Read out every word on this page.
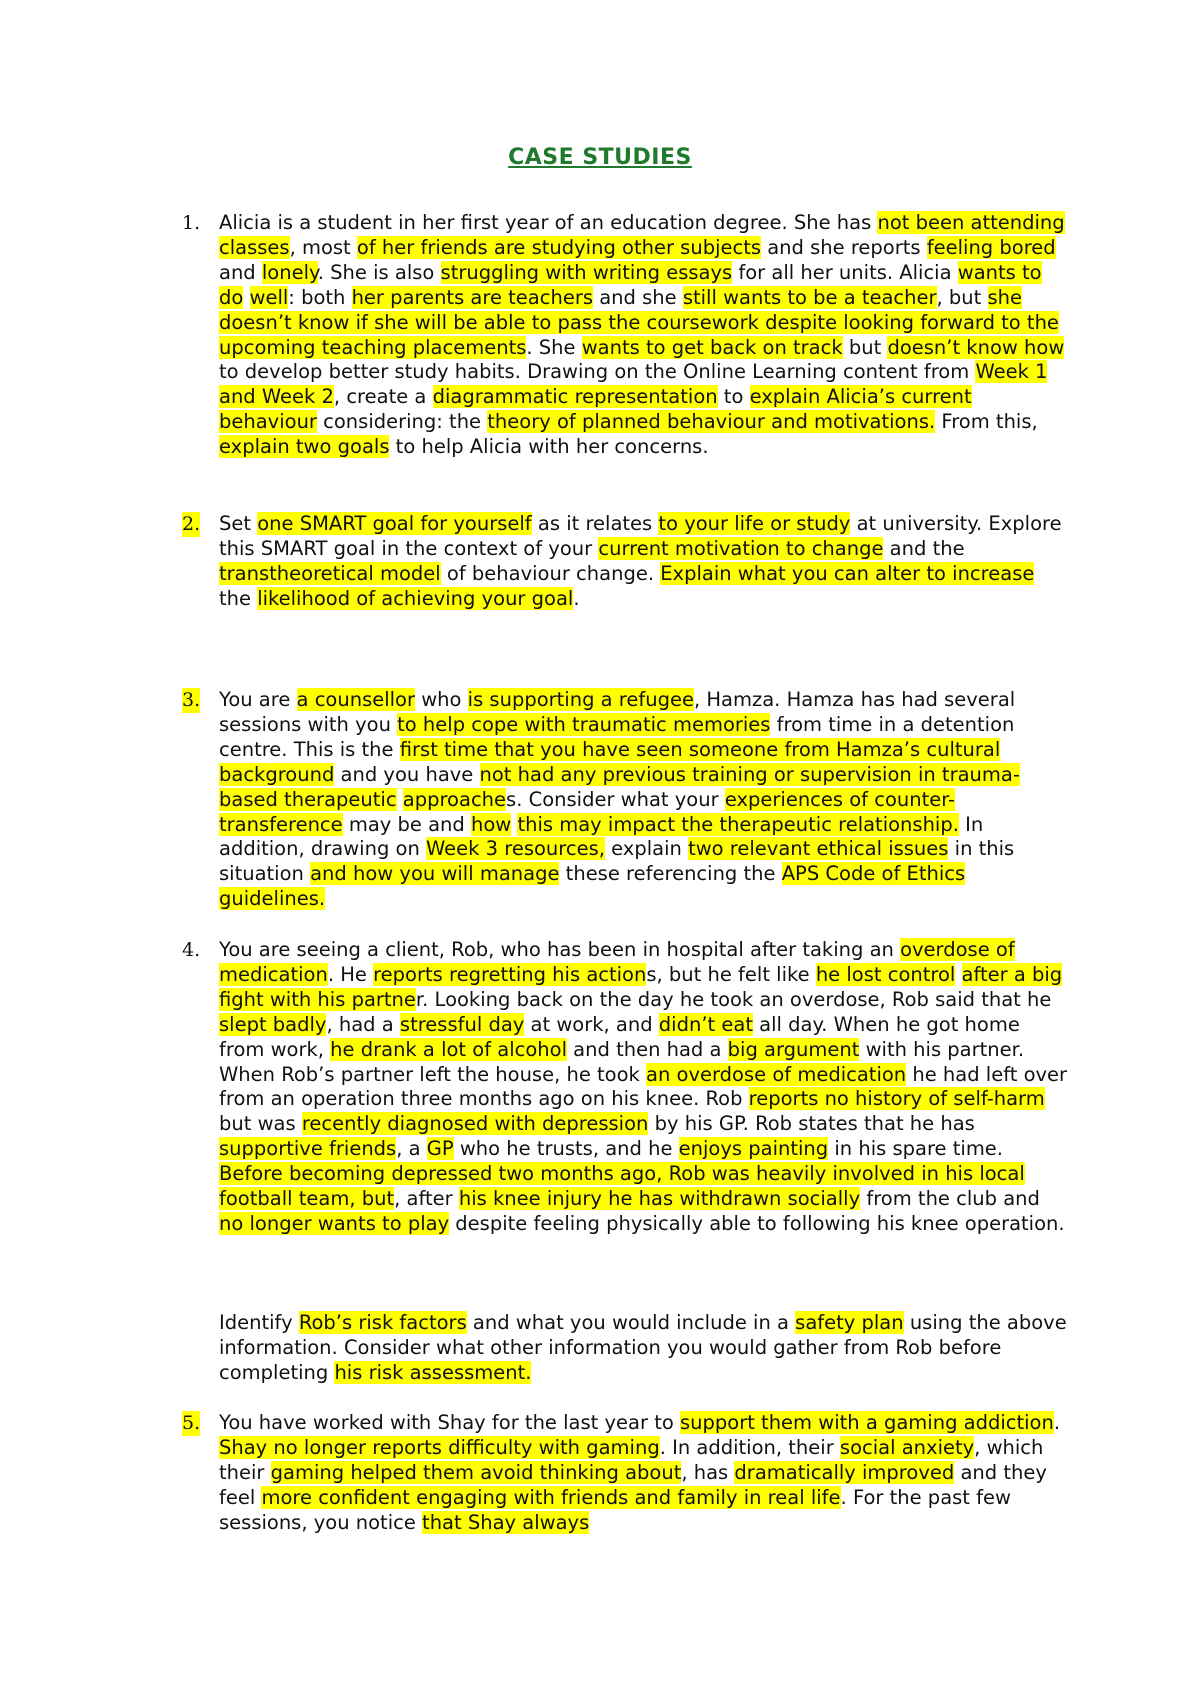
CASE STUDIES
1. Alicia is a student in her first year of an education degree. She has not been attending classes, most of her friends are studying other subjects and she reports feeling bored and lonely. She is also struggling with writing essays for all her units. Alicia wants to do well: both her parents are teachers and she still wants to be a teacher, but she doesn’t know if she will be able to pass the coursework despite looking forward to the upcoming teaching placements. She wants to get back on track but doesn’t know how to develop better study habits. Drawing on the Online Learning content from Week 1 and Week 2, create a diagrammatic representation to explain Alicia’s current behaviour considering: the theory of planned behaviour and motivations. From this, explain two goals to help Alicia with her concerns.

2. Set one SMART goal for yourself as it relates to your life or study at university. Explore this SMART goal in the context of your current motivation to change and the transtheoretical model of behaviour change. Explain what you can alter to increase the likelihood of achieving your goal.

3. You are a counsellor who is supporting a refugee, Hamza. Hamza has had several sessions with you to help cope with traumatic memories from time in a detention centre. This is the first time that you have seen someone from Hamza’s cultural background and you have not had any previous training or supervision in trauma-based therapeutic approaches. Consider what your experiences of counter-transference may be and how this may impact the therapeutic relationship. In addition, drawing on Week 3 resources, explain two relevant ethical issues in this situation and how you will manage these referencing the APS Code of Ethics guidelines.

4. You are seeing a client, Rob, who has been in hospital after taking an overdose of medication. He reports regretting his actions, but he felt like he lost control after a big fight with his partner. Looking back on the day he took an overdose, Rob said that he slept badly, had a stressful day at work, and didn’t eat all day. When he got home from work, he drank a lot of alcohol and then had a big argument with his partner. When Rob’s partner left the house, he took an overdose of medication he had left over from an operation three months ago on his knee. Rob reports no history of self-harm but was recently diagnosed with depression by his GP. Rob states that he has supportive friends, a GP who he trusts, and he enjoys painting in his spare time. Before becoming depressed two months ago, Rob was heavily involved in his local football team, but, after his knee injury he has withdrawn socially from the club and no longer wants to play despite feeling physically able to following his knee operation.

Identify Rob’s risk factors and what you would include in a safety plan using the above information. Consider what other information you would gather from Rob before completing his risk assessment.

5. You have worked with Shay for the last year to support them with a gaming addiction. Shay no longer reports difficulty with gaming. In addition, their social anxiety, which their gaming helped them avoid thinking about, has dramatically improved and they feel more confident engaging with friends and family in real life. For the past few sessions, you notice that Shay always
